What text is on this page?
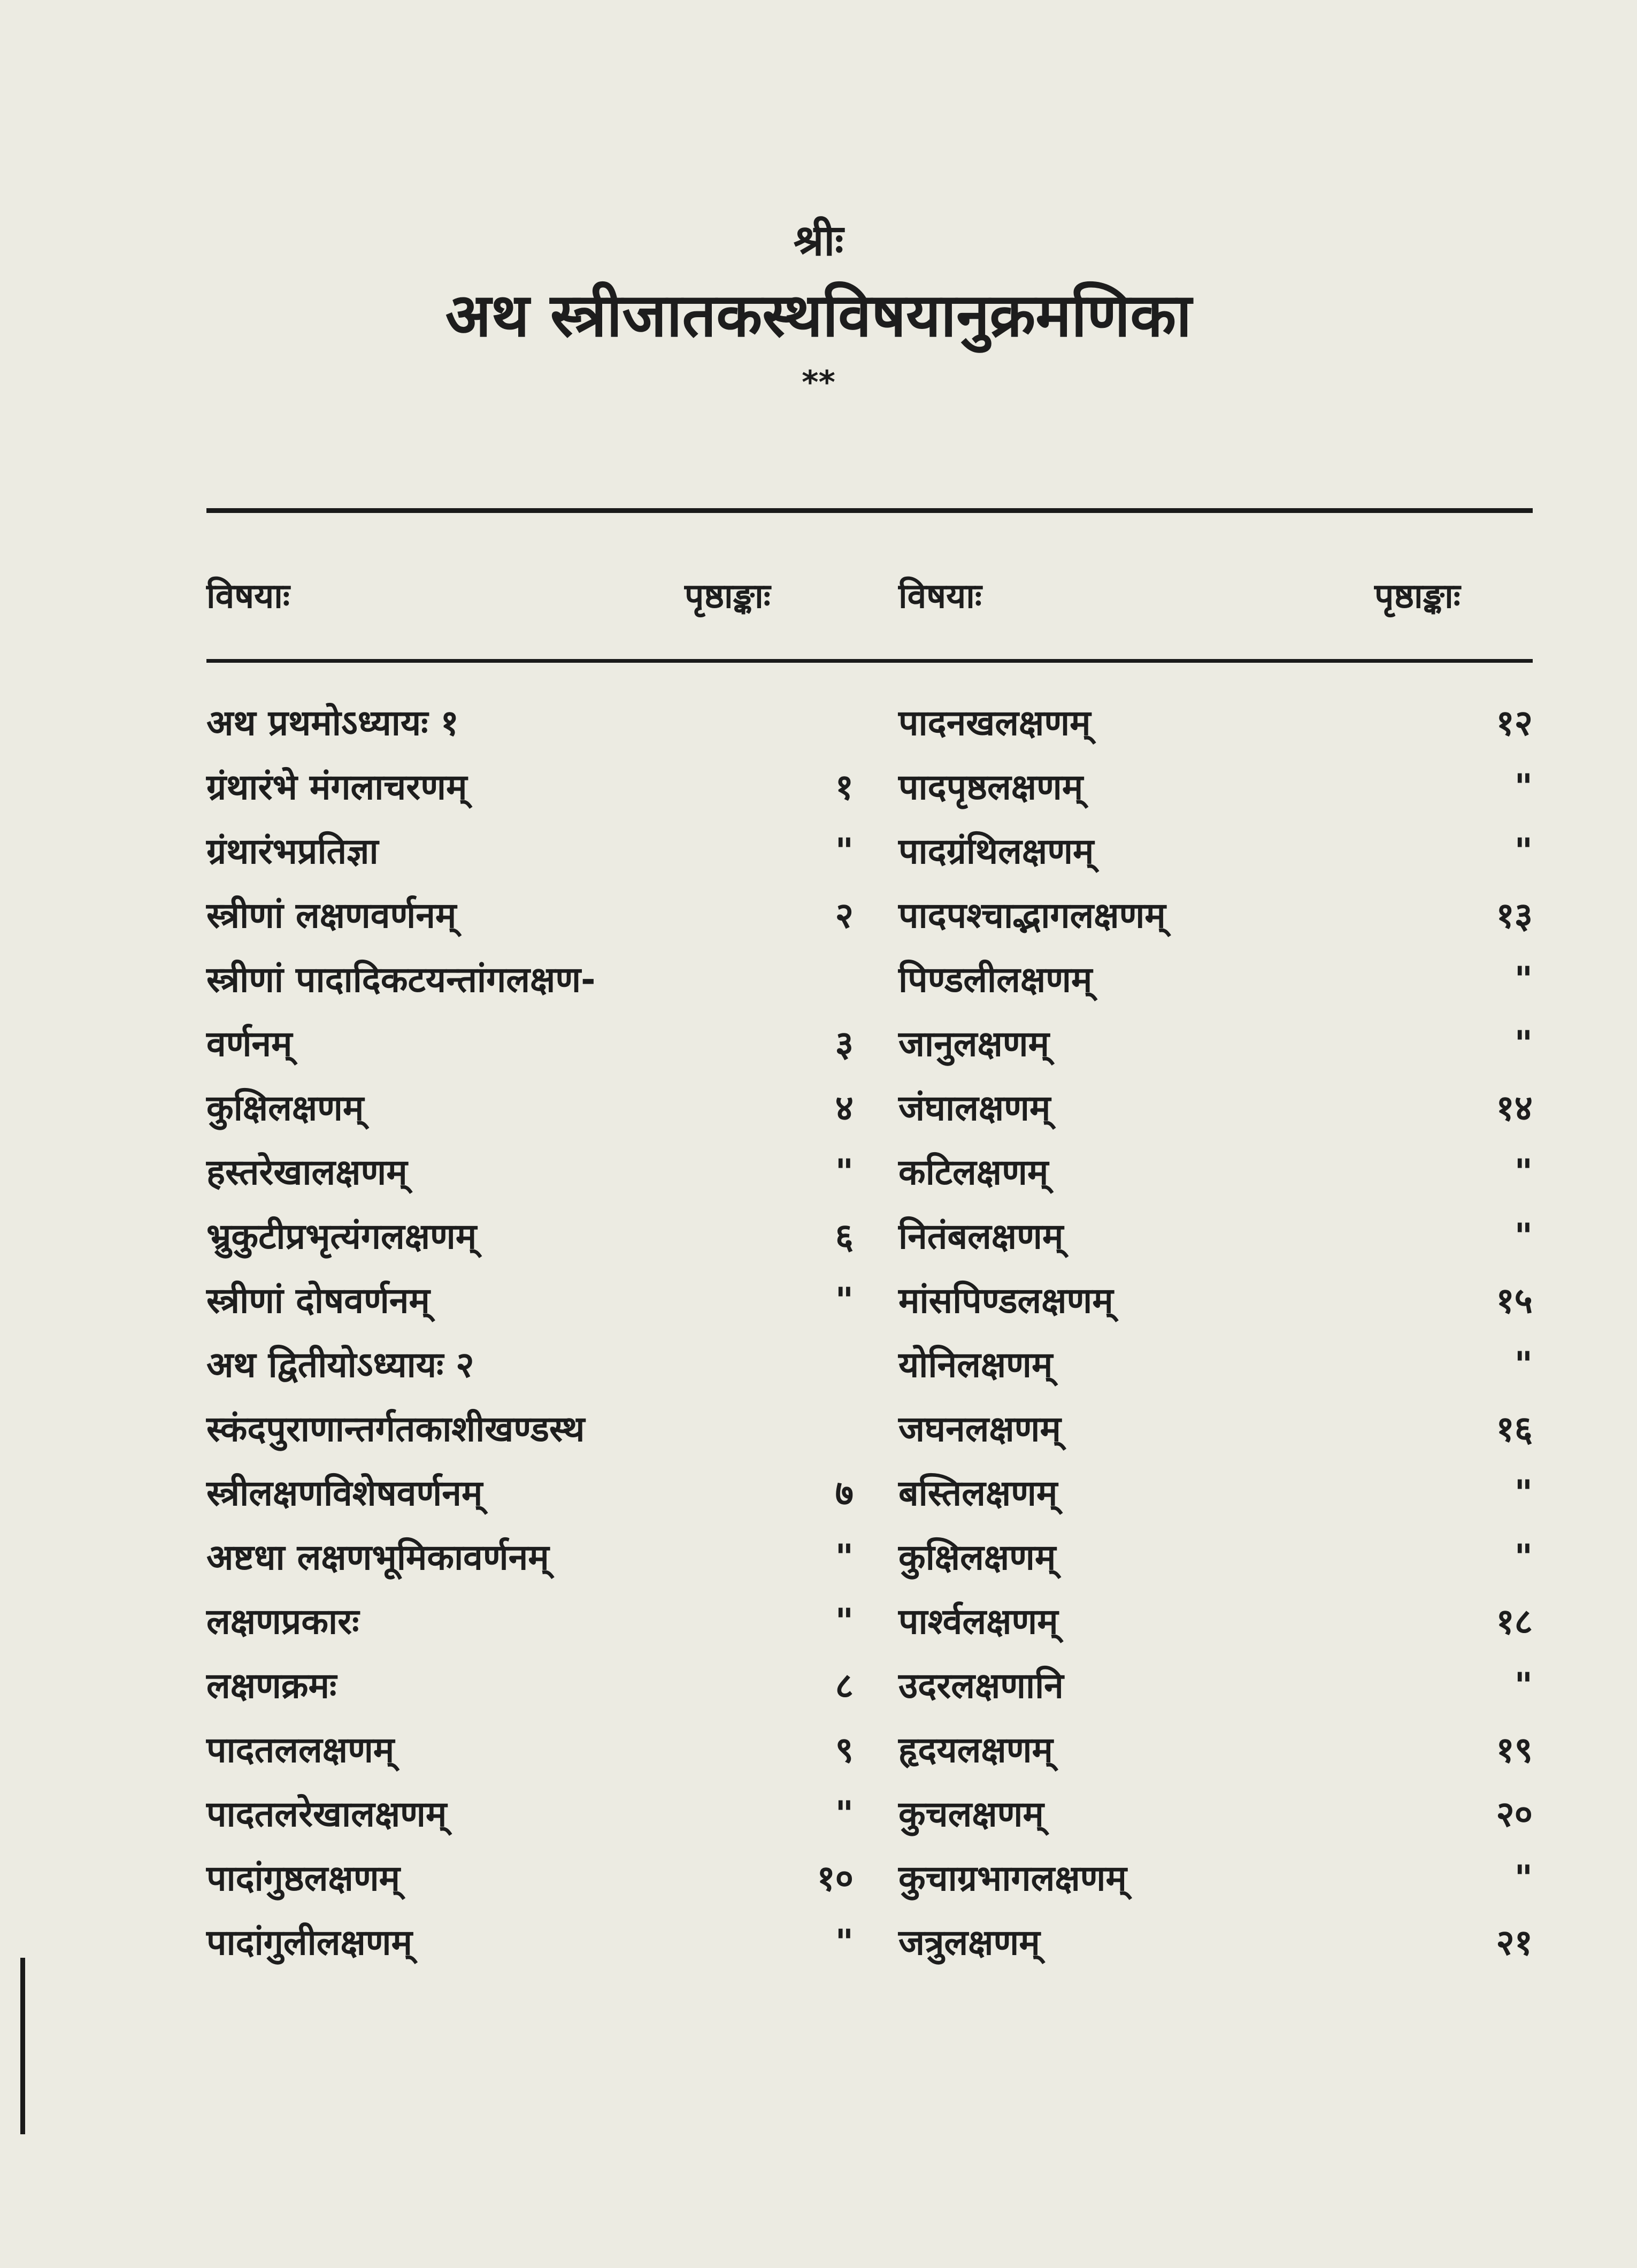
श्रीः
अथ स्त्रीजातकस्थविषयानुक्रमणिका
**
विषयाः	पृष्ठाङ्काः	विषयाः	पृष्ठाङ्काः
अथ प्रथमोऽध्यायः १
ग्रंथारंभे मंगलाचरणम्	१
ग्रंथारंभप्रतिज्ञा	"
स्त्रीणां लक्षणवर्णनम्	२
स्त्रीणां पादादिकटयन्तांगलक्षण-
वर्णनम्	३
कुक्षिलक्षणम्	४
हस्तरेखालक्षणम्	"
भ्रुकुटीप्रभृत्यंगलक्षणम्	६
स्त्रीणां दोषवर्णनम्	"
अथ द्वितीयोऽध्यायः २
स्कंदपुराणान्तर्गतकाशीखण्डस्थ
स्त्रीलक्षणविशेषवर्णनम्	७
अष्टधा लक्षणभूमिकावर्णनम्	"
लक्षणप्रकारः	"
लक्षणक्रमः	८
पादतललक्षणम्	९
पादतलरेखालक्षणम्	"
पादांगुष्ठलक्षणम्	१०
पादांगुलीलक्षणम्	"
पादनखलक्षणम्	१२
पादपृष्ठलक्षणम्	"
पादग्रंथिलक्षणम्	"
पादपश्चाद्भागलक्षणम्	१३
पिण्डलीलक्षणम्	"
जानुलक्षणम्	"
जंघालक्षणम्	१४
कटिलक्षणम्	"
नितंबलक्षणम्	"
मांसपिण्डलक्षणम्	१५
योनिलक्षणम्	"
जघनलक्षणम्	१६
बस्तिलक्षणम्	"
कुक्षिलक्षणम्	"
पार्श्वलक्षणम्	१८
उदरलक्षणानि	"
हृदयलक्षणम्	१९
कुचलक्षणम्	२०
कुचाग्रभागलक्षणम्	"
जत्रुलक्षणम्	२१
